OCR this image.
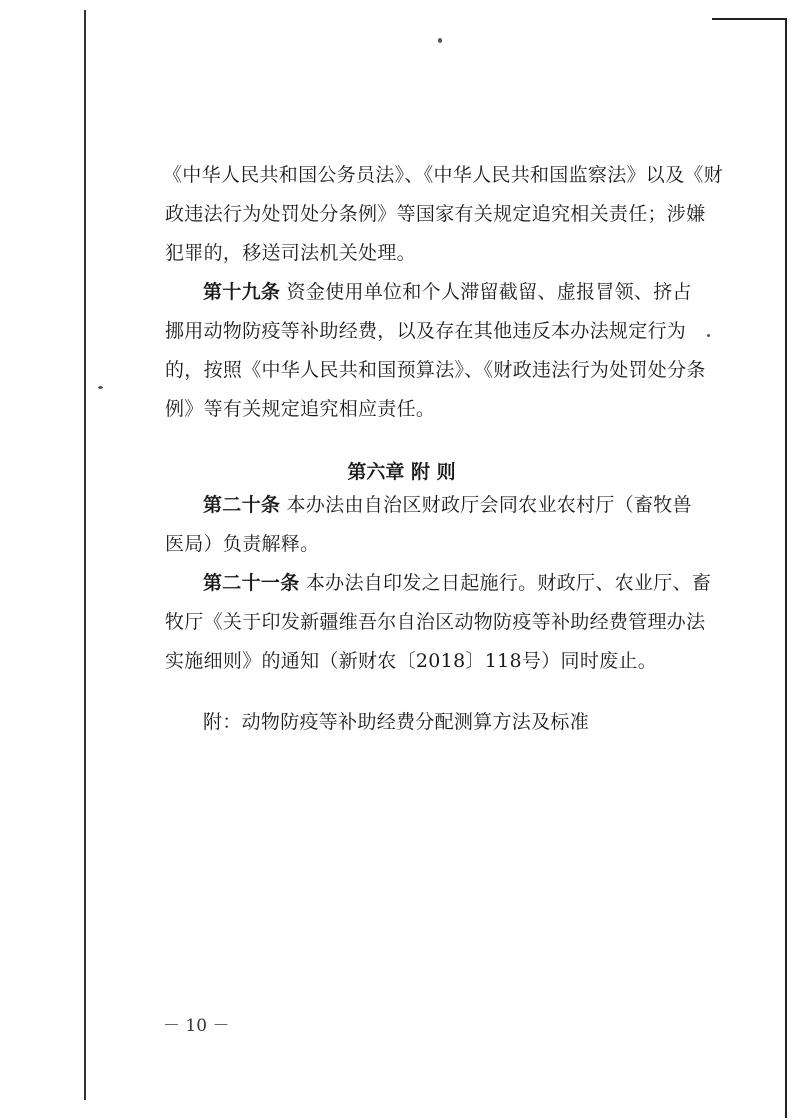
《中华人民共和国公务员法》、《中华人民共和国监察法》以及《财
政违法行为处罚处分条例》等国家有关规定追究相关责任；涉嫌
犯罪的，移送司法机关处理。
第十九条 资金使用单位和个人滞留截留、虚报冒领、挤占
挪用动物防疫等补助经费，以及存在其他违反本办法规定行为
的，按照《中华人民共和国预算法》、《财政违法行为处罚处分条
例》等有关规定追究相应责任。
第六章 附 则
第二十条 本办法由自治区财政厅会同农业农村厅（畜牧兽
医局）负责解释。
第二十一条 本办法自印发之日起施行。财政厅、农业厅、畜
牧厅《关于印发新疆维吾尔自治区动物防疫等补助经费管理办法
实施细则》的通知（新财农〔2018〕118号）同时废止。
附：动物防疫等补助经费分配测算方法及标准
－ 10 －
